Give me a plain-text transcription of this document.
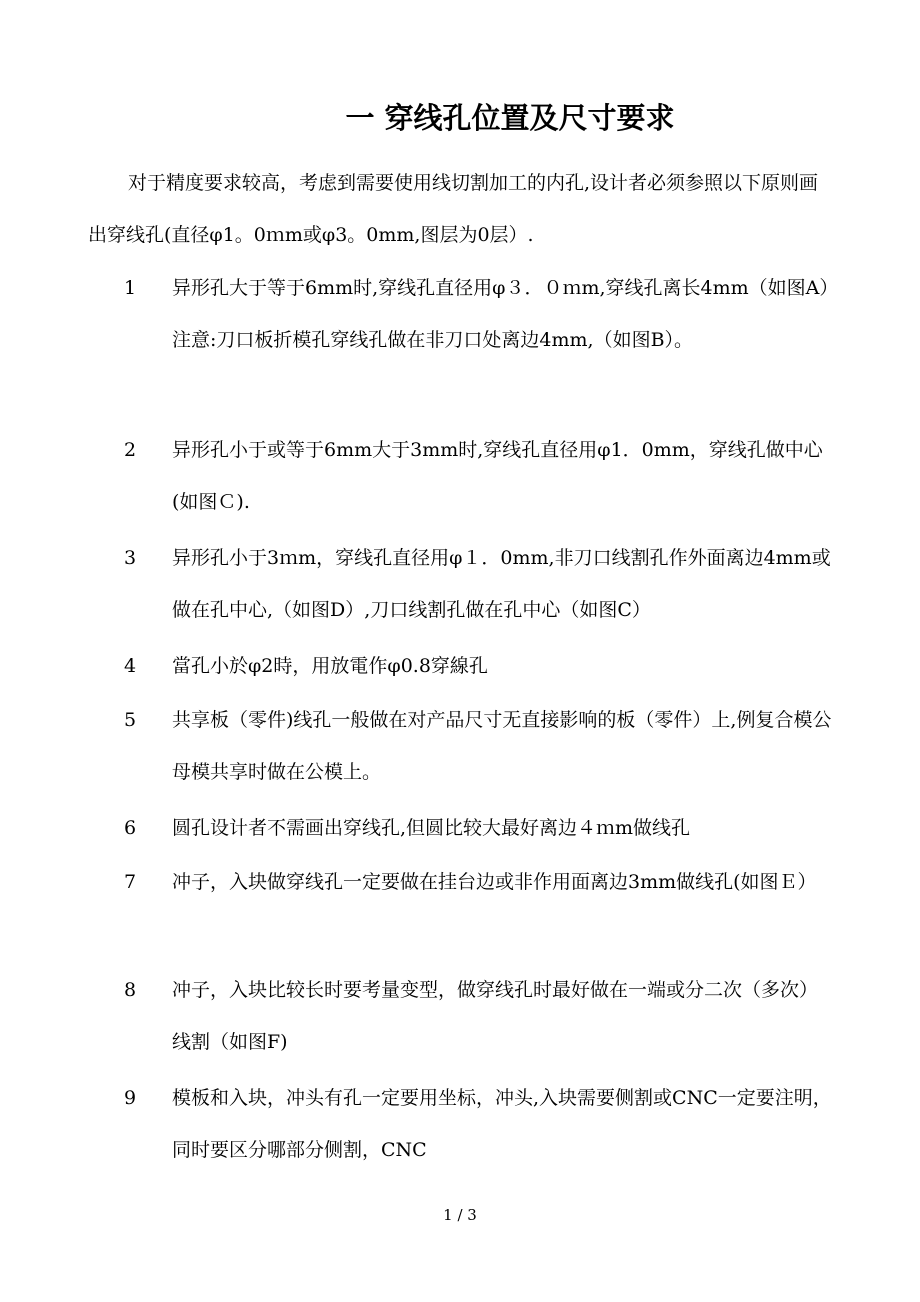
一 穿线孔位置及尺寸要求

对于精度要求较高，考虑到需要使用线切割加工的内孔,设计者必须参照以下原则画出穿线孔(直径φ1。0ｍm或φ3。0mm,图层为0层）.

1	异形孔大于等于6mm时,穿线孔直径用φ３．０ｍm,穿线孔离长4mm（如图A）注意:刀口板折模孔穿线孔做在非刀口处离边4mm,（如图B）。

2	异形孔小于或等于6mm大于3mm时,穿线孔直径用φ1．0mm，穿线孔做中心(如图Ｃ).

3	异形孔小于3ｍm，穿线孔直径用φ１．0mm,非刀口线割孔作外面离边4mm或做在孔中心,（如图D）,刀口线割孔做在孔中心（如图C）

4	當孔小於φ2時，用放電作φ0.8穿線孔

5	共享板（零件)线孔一般做在对产品尺寸无直接影响的板（零件）上,例复合模公母模共享时做在公模上。

6	圆孔设计者不需画出穿线孔,但圆比较大最好离边４ｍm做线孔

7	冲子，入块做穿线孔一定要做在挂台边或非作用面离边3mm做线孔(如图Ｅ）

8	冲子，入块比较长时要考量变型，做穿线孔时最好做在一端或分二次（多次）线割（如图F)

9	模板和入块，冲头有孔一定要用坐标，冲头,入块需要侧割或CNC一定要注明，同时要区分哪部分侧割，CNC

1 / 3
